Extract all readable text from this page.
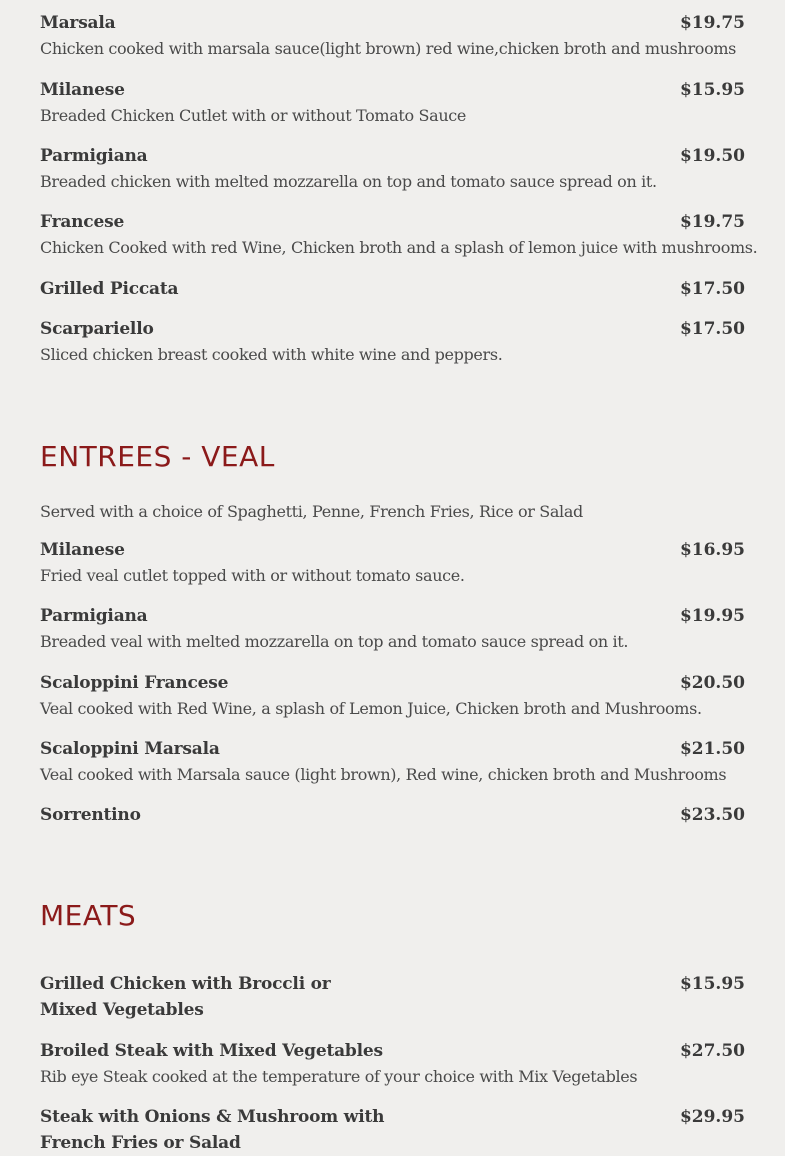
Marsala	$19.75
Chicken cooked with marsala sauce(light brown) red wine,chicken broth and mushrooms
Milanese	$15.95
Breaded Chicken Cutlet with or without Tomato Sauce
Parmigiana	$19.50
Breaded chicken with melted mozzarella on top and tomato sauce spread on it.
Francese	$19.75
Chicken Cooked with red Wine, Chicken broth and a splash of lemon juice with mushrooms.
Grilled Piccata	$17.50
Scarpariello	$17.50
Sliced chicken breast cooked with white wine and peppers.
ENTREES - VEAL
Served with a choice of Spaghetti, Penne, French Fries, Rice or Salad
Milanese	$16.95
Fried veal cutlet topped with or without tomato sauce.
Parmigiana	$19.95
Breaded veal with melted mozzarella on top and tomato sauce spread on it.
Scaloppini Francese	$20.50
Veal cooked with Red Wine, a splash of Lemon Juice, Chicken broth and Mushrooms.
Scaloppini Marsala	$21.50
Veal cooked with Marsala sauce (light brown), Red wine, chicken broth and Mushrooms
Sorrentino	$23.50
MEATS
Grilled Chicken with Broccli or Mixed Vegetables
$15.95
Broiled Steak with Mixed Vegetables	$27.50
Rib eye Steak cooked at the temperature of your choice with Mix Vegetables
Steak with Onions & Mushroom with French Fries or Salad
$29.95
